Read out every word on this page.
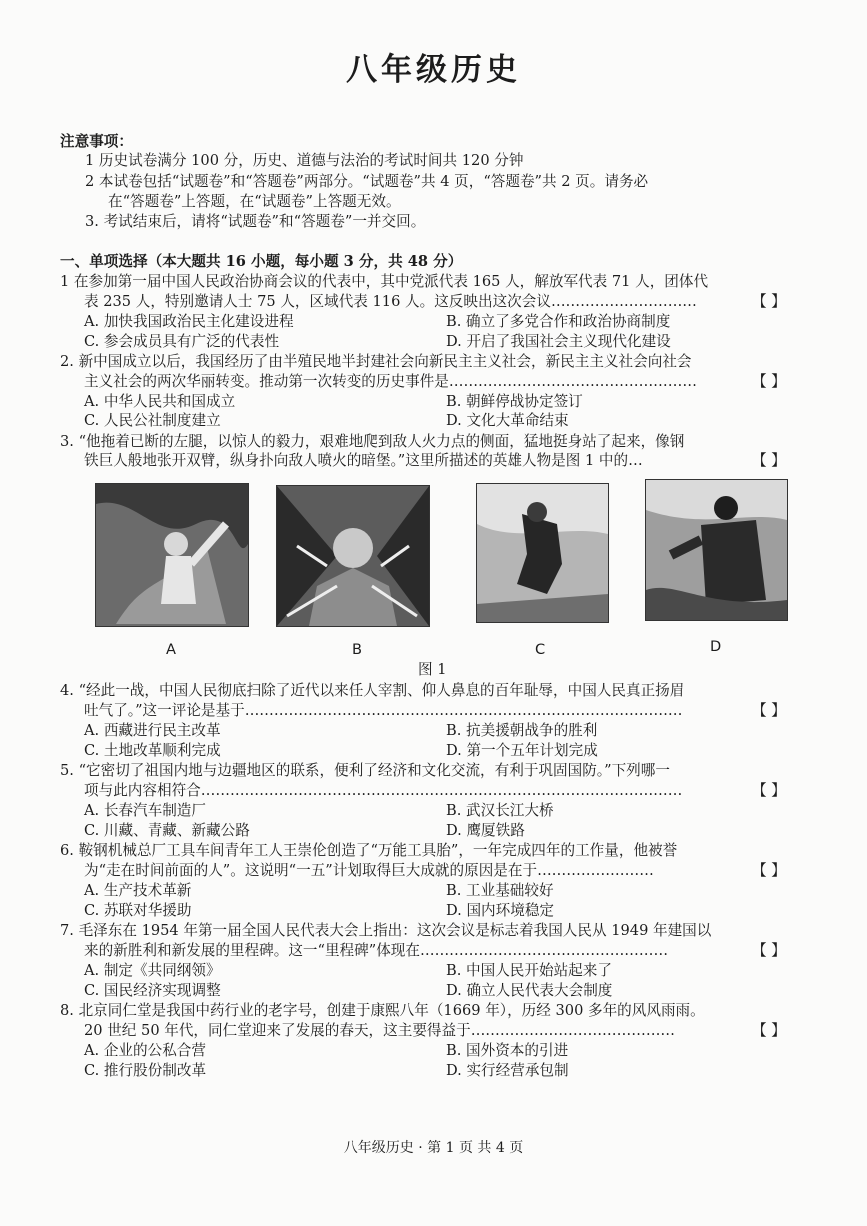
八年级历史
注意事项：
1 历史试卷满分 100 分，历史、道德与法治的考试时间共 120 分钟
2 本试卷包括“试题卷”和“答题卷”两部分。“试题卷”共 4 页，“答题卷”共 2 页。请务必
在“答题卷”上答题，在“试题卷”上答题无效。
3. 考试结束后，请将“试题卷”和“答题卷”一并交回。
一、单项选择（本大题共 16 小题，每小题 3 分，共 48 分）
1 在参加第一届中国人民政治协商会议的代表中，其中党派代表 165 人，解放军代表 71 人，团体代
表 235 人，特别邀请人士 75 人，区域代表 116 人。这反映出这次会议…………………………	【 】
A. 加快我国政治民主化建设进程	B. 确立了多党合作和政治协商制度
C. 参会成员具有广泛的代表性	D. 开启了我国社会主义现代化建设
2. 新中国成立以后，我国经历了由半殖民地半封建社会向新民主主义社会，新民主主义社会向社会
主义社会的两次华丽转变。推动第一次转变的历史事件是……………………………………………	【 】
A. 中华人民共和国成立	B. 朝鲜停战协定签订
C. 人民公社制度建立	D. 文化大革命结束
3. “他拖着已断的左腿，以惊人的毅力，艰难地爬到敌人火力点的侧面，猛地挺身站了起来，像钢
铁巨人般地张开双臂，纵身扑向敌人喷火的暗堡。”这里所描述的英雄人物是图 1 中的…	【 】
A	B	C	D
图 1
4. “经此一战，中国人民彻底扫除了近代以来任人宰割、仰人鼻息的百年耻辱，中国人民真正扬眉
吐气了。”这一评论是基于………………………………………………………………………………	【 】
A. 西藏进行民主改革	B. 抗美援朝战争的胜利
C. 土地改革顺利完成	D. 第一个五年计划完成
5. “它密切了祖国内地与边疆地区的联系，便利了经济和文化交流，有利于巩固国防。”下列哪一
项与此内容相符合………………………………………………………………………………………	【 】
A. 长春汽车制造厂	B. 武汉长江大桥
C. 川藏、青藏、新藏公路	D. 鹰厦铁路
6. 鞍钢机械总厂工具车间青年工人王崇伦创造了“万能工具胎”，一年完成四年的工作量，他被誉
为“走在时间前面的人”。这说明“一五”计划取得巨大成就的原因是在于……………………	【 】
A. 生产技术革新	B. 工业基础较好
C. 苏联对华援助	D. 国内环境稳定
7. 毛泽东在 1954 年第一届全国人民代表大会上指出：这次会议是标志着我国人民从 1949 年建国以
来的新胜利和新发展的里程碑。这一“里程碑”体现在……………………………………………	【 】
A. 制定《共同纲领》	B. 中国人民开始站起来了
C. 国民经济实现调整	D. 确立人民代表大会制度
8. 北京同仁堂是我国中药行业的老字号，创建于康熙八年（1669 年），历经 300 多年的风风雨雨。
20 世纪 50 年代，同仁堂迎来了发展的春天，这主要得益于……………………………………	【 】
A. 企业的公私合营	B. 国外资本的引进
C. 推行股份制改革	D. 实行经营承包制
八年级历史 · 第 1 页 共 4 页
